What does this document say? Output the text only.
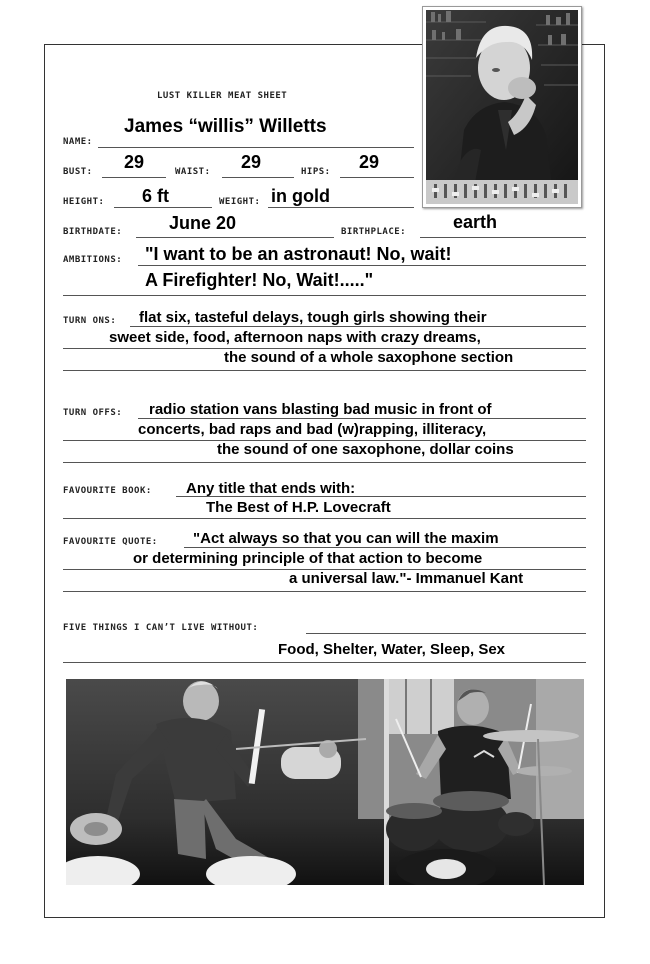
LUST KILLER MEAT SHEET
NAME:
James “willis” Willetts
BUST: 29	WAIST: 29	HIPS: 29
HEIGHT: 6 ft	WEIGHT: in gold
BIRTHDATE:	June 20	BIRTHPLACE:	earth
AMBITIONS: "I want to be an astronaut! No, wait!
A Firefighter! No, Wait!....."
TURN ONS: flat six, tasteful delays, tough girls showing their
sweet side, food, afternoon naps with crazy dreams,
the sound of a whole saxophone section
TURN OFFS: radio station vans blasting bad music in front of
concerts, bad raps and bad (w)rapping, illiteracy,
the sound of one saxophone, dollar coins
FAVOURITE BOOK: Any title that ends with:
The Best of H.P. Lovecraft
FAVOURITE QUOTE: "Act always so that you can will the maxim
or determining principle of that action to become
a universal law."- Immanuel Kant
FIVE THINGS I CAN’T LIVE WITHOUT:
Food, Shelter, Water, Sleep, Sex
